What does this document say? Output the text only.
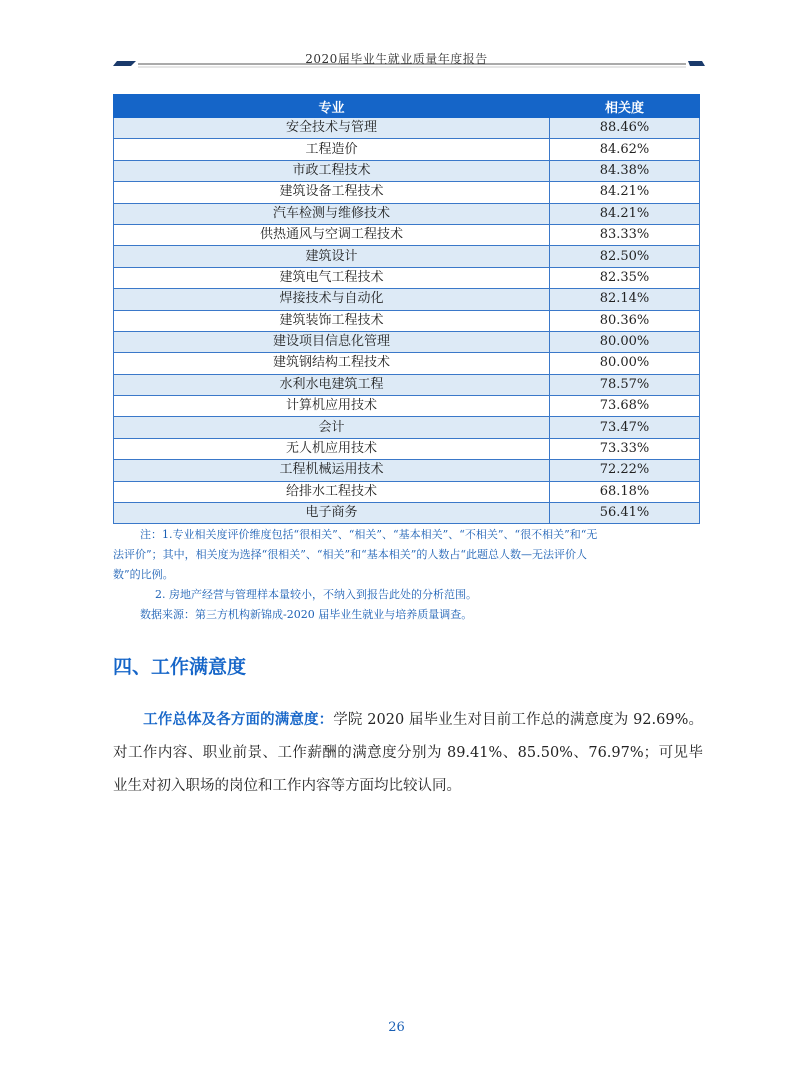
2020届毕业生就业质量年度报告
专业	相关度
安全技术与管理	88.46%
工程造价	84.62%
市政工程技术	84.38%
建筑设备工程技术	84.21%
汽车检测与维修技术	84.21%
供热通风与空调工程技术	83.33%
建筑设计	82.50%
建筑电气工程技术	82.35%
焊接技术与自动化	82.14%
建筑装饰工程技术	80.36%
建设项目信息化管理	80.00%
建筑钢结构工程技术	80.00%
水利水电建筑工程	78.57%
计算机应用技术	73.68%
会计	73.47%
无人机应用技术	73.33%
工程机械运用技术	72.22%
给排水工程技术	68.18%
电子商务	56.41%

注：1.专业相关度评价维度包括“很相关”、“相关”、“基本相关”、“不相关”、“很不相关”和“无

法评价”；其中，相关度为选择“很相关”、“相关”和“基本相关”的人数占“此题总人数—无法评价人

数”的比例。

2. 房地产经营与管理样本量较小，不纳入到报告此处的分析范围。

数据来源：第三方机构新锦成-2020 届毕业生就业与培养质量调查。

四、工作满意度
工作总体及各方面的满意度：学院 2020 届毕业生对目前工作总的满意度为 92.69%。对工作内容、职业前景、工作薪酬的满意度分别为 89.41%、85.50%、76.97%；可见毕业生对初入职场的岗位和工作内容等方面均比较认同。
26
